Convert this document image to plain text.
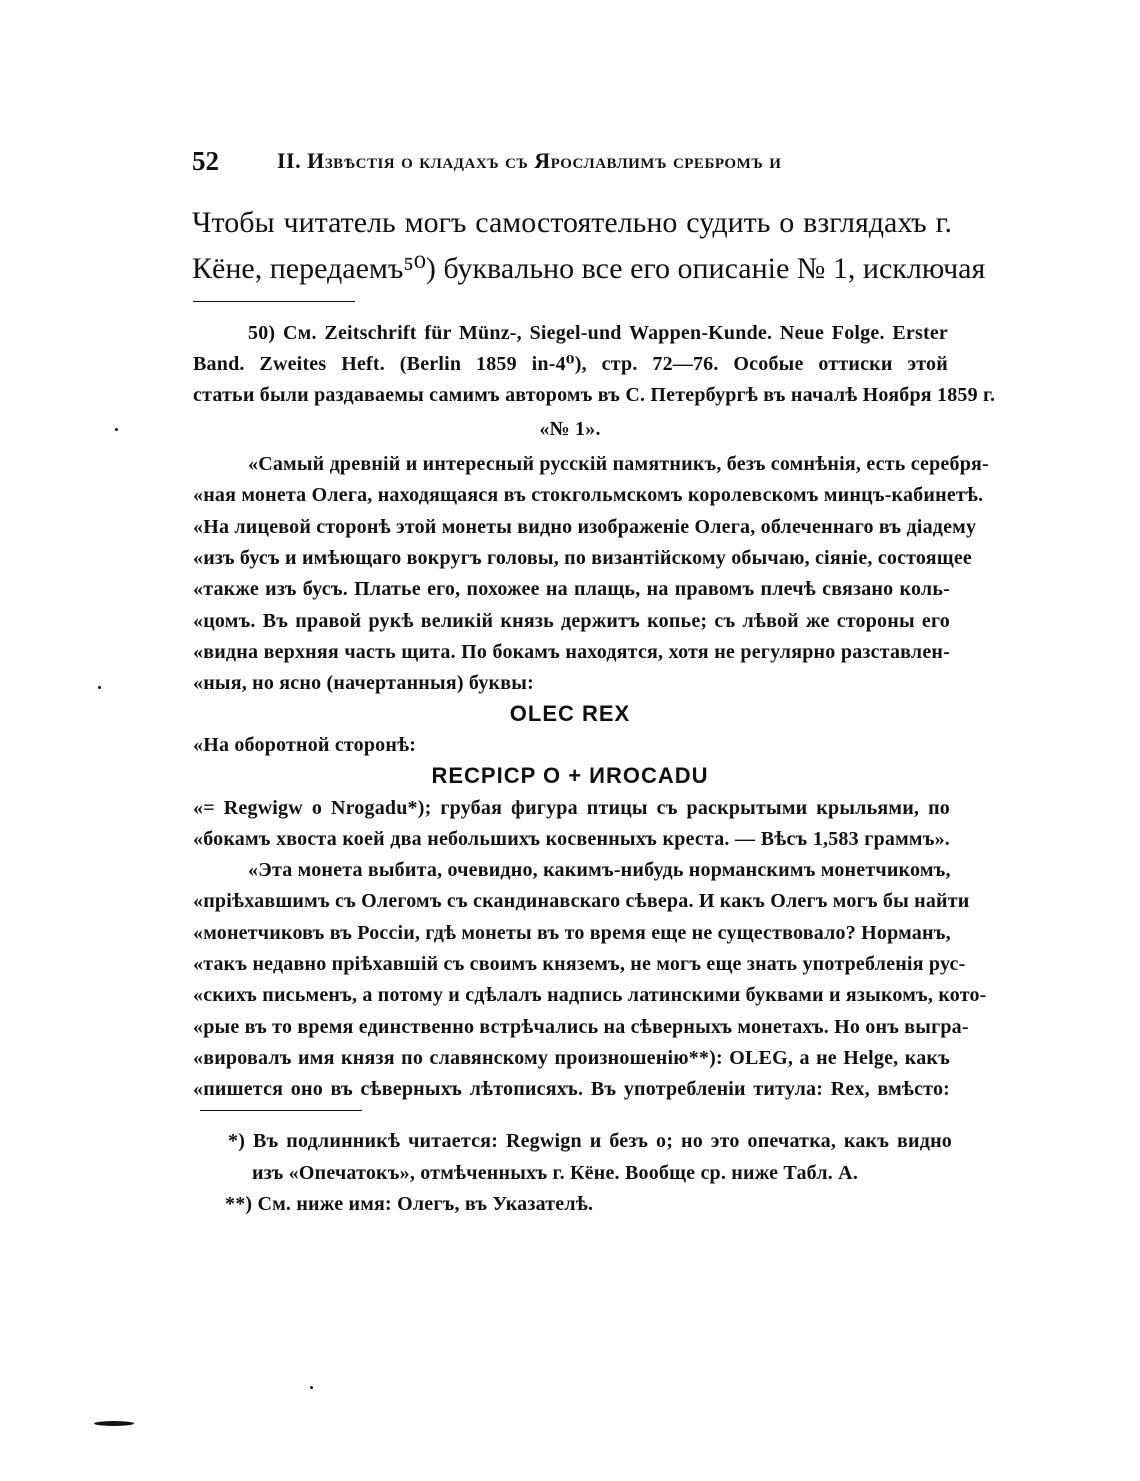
52	II. Извѣстія о кладахъ съ Ярославлимъ сребромъ и
Чтобы читатель могъ самостоятельно судить о взглядахъ г.
Кёне, передаемъ⁵⁰) буквально все его описаніе № 1, исключая
50) См. Zeitschrift für Münz-, Siegel-und Wappen-Kunde. Neue Folge. Erster
Band. Zweites Heft. (Berlin 1859 in-4⁰), стр. 72—76. Особые оттиски этой
статьи были раздаваемы самимъ авторомъ въ С. Петербургѣ въ началѣ Ноября 1859 г.
«№ 1».
«Самый древній и интересный русскій памятникъ, безъ сомнѣнія, есть серебря-
«ная монета Олега, находящаяся въ стокгольмскомъ королевскомъ минцъ-кабинетѣ.
«На лицевой сторонѣ этой монеты видно изображеніе Олега, облеченнаго въ діадему
«изъ бусъ и имѣющаго вокругъ головы, по византійскому обычаю, сіяніе, состоящее
«также изъ бусъ. Платье его, похожее на плащь, на правомъ плечѣ связано коль-
«цомъ. Въ правой рукѣ великій князь держитъ копье; съ лѣвой же стороны его
«видна верхняя часть щита. По бокамъ находятся, хотя не регулярно разставлен-
«ныя, но ясно (начертанныя) буквы:
OLEC REX
«На оборотной сторонѣ:
RECPICP O + ИROCADU
«= Regwigw o Nrogadu*); грубая фигура птицы съ раскрытыми крыльями, по
«бокамъ хвоста коей два небольшихъ косвенныхъ креста. — Вѣсъ 1,583 граммъ».
«Эта монета выбита, очевидно, какимъ-нибудь норманскимъ монетчикомъ,
«пріѣхавшимъ съ Олегомъ съ скандинавскаго сѣвера. И какъ Олегъ могъ бы найти
«монетчиковъ въ Россіи, гдѣ монеты въ то время еще не существовало? Норманъ,
«такъ недавно пріѣхавшій съ своимъ княземъ, не могъ еще знать употребленія рус-
«скихъ письменъ, а потому и сдѣлалъ надпись латинскими буквами и языкомъ, кото-
«рые въ то время единственно встрѣчались на сѣверныхъ монетахъ. Но онъ выгра-
«вировалъ имя князя по славянскому произношенію**): OLEG, а не Helge, какъ
«пишется оно въ сѣверныхъ лѣтописяхъ. Въ употребленіи титула: Rex, вмѣсто:
*) Въ подлинникѣ читается: Regwign и безъ o; но это опечатка, какъ видно
изъ «Опечатокъ», отмѣченныхъ г. Кёне. Вообще ср. ниже Табл. А.
**) См. ниже имя: Олегъ, въ Указателѣ.
